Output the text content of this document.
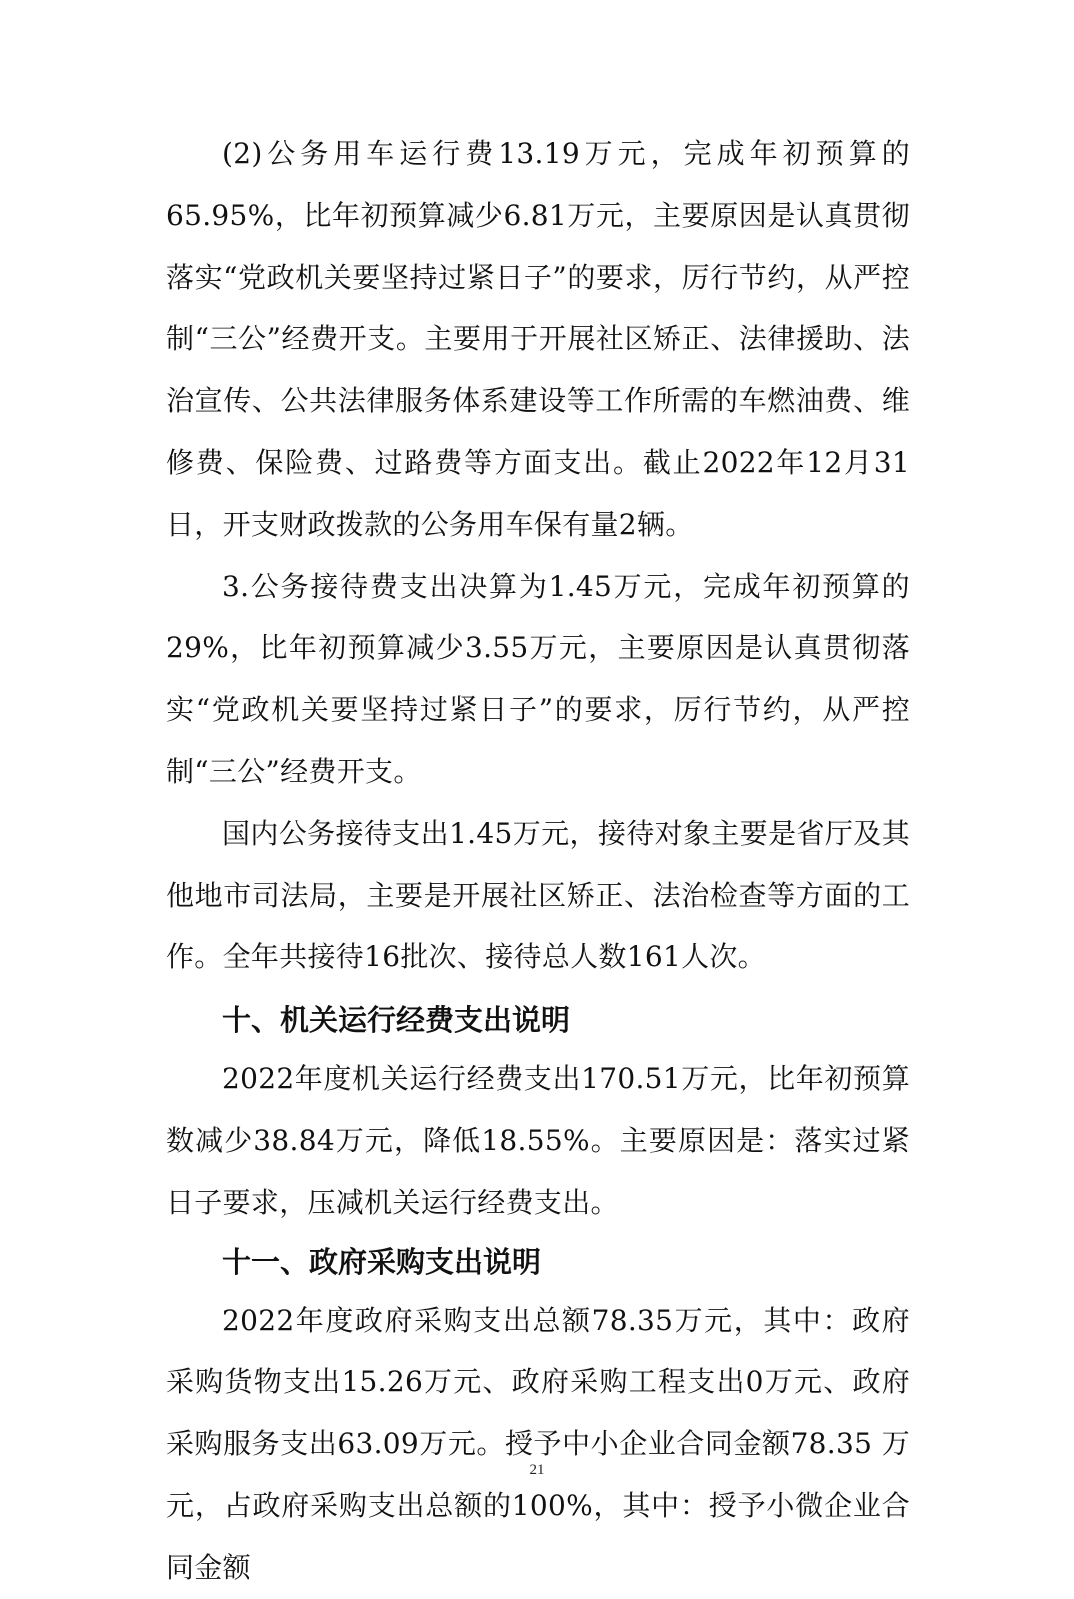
(2)公务用车运行费13.19万元，完成年初预算的65.95%，比年初预算减少6.81万元，主要原因是认真贯彻落实“党政机关要坚持过紧日子”的要求，厉行节约，从严控制“三公”经费开支。主要用于开展社区矫正、法律援助、法治宣传、公共法律服务体系建设等工作所需的车燃油费、维修费、保险费、过路费等方面支出。截止2022年12月31日，开支财政拨款的公务用车保有量2辆。

3.公务接待费支出决算为1.45万元，完成年初预算的29%，比年初预算减少3.55万元，主要原因是认真贯彻落实“党政机关要坚持过紧日子”的要求，厉行节约，从严控制“三公”经费开支。

国内公务接待支出1.45万元，接待对象主要是省厅及其他地市司法局，主要是开展社区矫正、法治检查等方面的工作。全年共接待16批次、接待总人数161人次。

十、机关运行经费支出说明

2022年度机关运行经费支出170.51万元，比年初预算数减少38.84万元，降低18.55%。主要原因是：落实过紧日子要求，压减机关运行经费支出。

十一、政府采购支出说明

2022年度政府采购支出总额78.35万元，其中：政府采购货物支出15.26万元、政府采购工程支出0万元、政府采购服务支出63.09万元。授予中小企业合同金额78.35 万元，占政府采购支出总额的100%，其中：授予小微企业合同金额

21
